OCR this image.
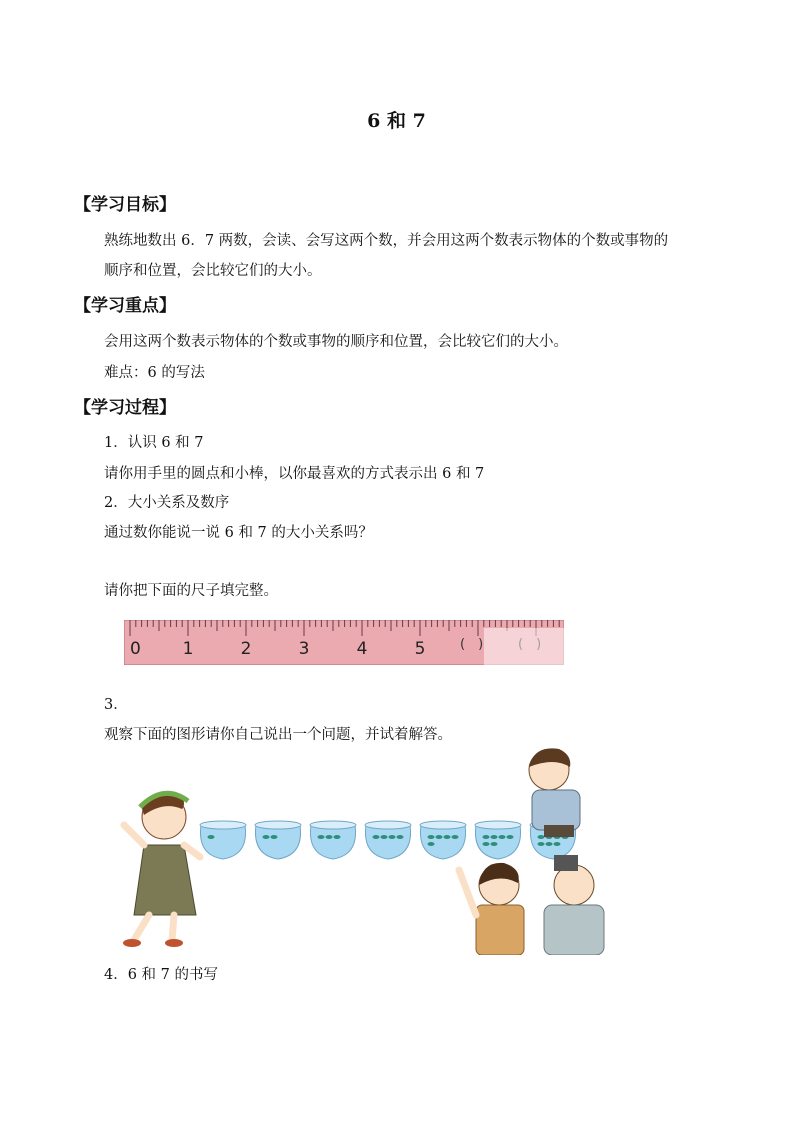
6 和 7
【学习目标】
熟练地数出 6．7 两数，会读、会写这两个数，并会用这两个数表示物体的个数或事物的
顺序和位置，会比较它们的大小。
【学习重点】
会用这两个数表示物体的个数或事物的顺序和位置，会比较它们的大小。
难点：6 的写法
【学习过程】
1．认识 6 和 7
请你用手里的圆点和小棒，以你最喜欢的方式表示出 6 和 7
2．大小关系及数序
通过数你能说一说 6 和 7 的大小关系吗？
请你把下面的尺子填完整。
0 1	2	3	4	5	(　)
3．
观察下面的图形请你自己说出一个问题，并试着解答。
4．6 和 7 的书写
